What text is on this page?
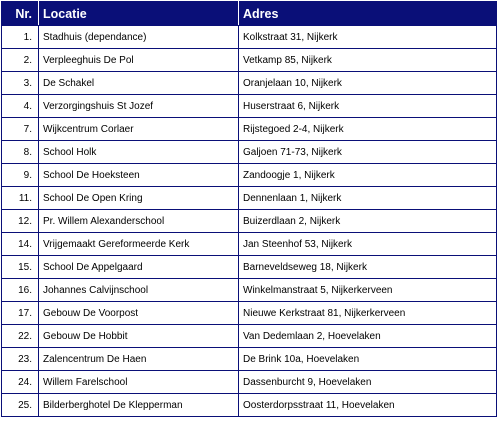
Nr.	Locatie	Adres
1.	Stadhuis (dependance)	Kolkstraat 31, Nijkerk
2.	Verpleeghuis De Pol	Vetkamp 85, Nijkerk
3.	De Schakel	Oranjelaan 10, Nijkerk
4.	Verzorgingshuis St Jozef	Huserstraat 6, Nijkerk
7.	Wijkcentrum Corlaer	Rijstegoed 2-4, Nijkerk
8.	School Holk	Galjoen 71-73, Nijkerk
9.	School De Hoeksteen	Zandoogje 1, Nijkerk
11.	School De Open Kring	Dennenlaan 1, Nijkerk
12.	Pr. Willem Alexanderschool	Buizerdlaan 2, Nijkerk
14.	Vrijgemaakt Gereformeerde Kerk	Jan Steenhof 53, Nijkerk
15.	School De Appelgaard	Barneveldseweg 18, Nijkerk
16.	Johannes Calvijnschool	Winkelmanstraat 5, Nijkerkerveen
17.	Gebouw De Voorpost	Nieuwe Kerkstraat 81, Nijkerkerveen
22.	Gebouw De Hobbit	Van Dedemlaan 2, Hoevelaken
23.	Zalencentrum De Haen	De Brink 10a, Hoevelaken
24.	Willem Farelschool	Dassenburcht 9, Hoevelaken
25.	Bilderberghotel De Klepperman	Oosterdorpsstraat 11, Hoevelaken
